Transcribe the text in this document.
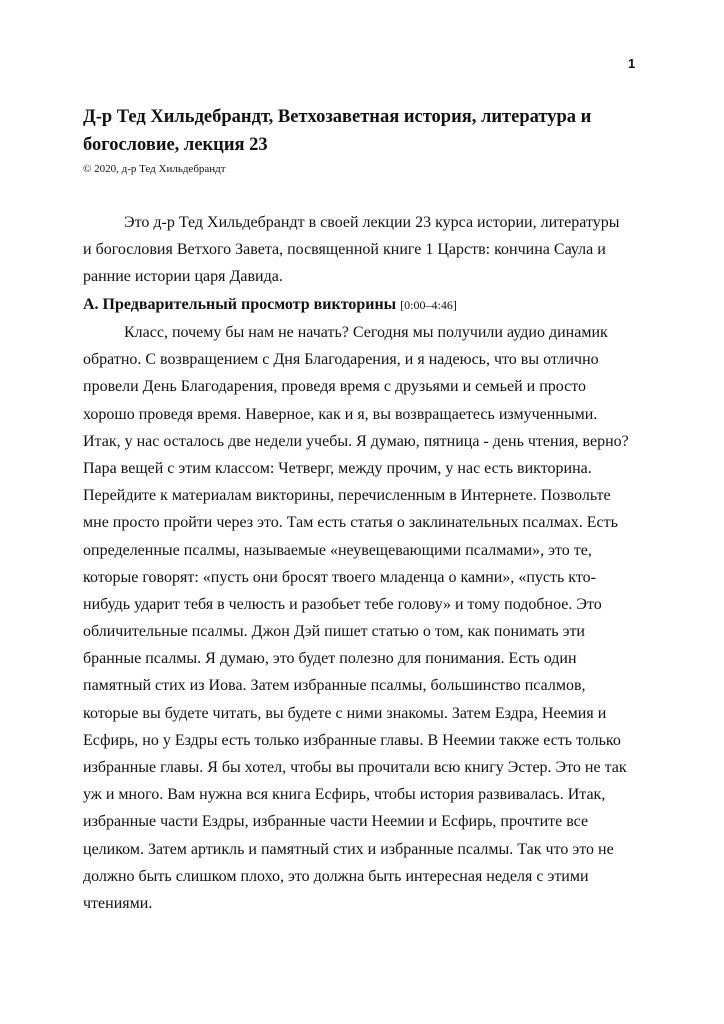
1
Д-р Тед Хильдебрандт, Ветхозаветная история, литература и
богословие, лекция 23
© 2020, д-р Тед Хильдебрандт
Это д-р Тед Хильдебрандт в своей лекции 23 курса истории, литературы
и богословия Ветхого Завета, посвященной книге 1 Царств: кончина Саула и
ранние истории царя Давида.
A. Предварительный просмотр викторины [0:00–4:46]
Класс, почему бы нам не начать? Сегодня мы получили аудио динамик
обратно. С возвращением с Дня Благодарения, и я надеюсь, что вы отлично
провели День Благодарения, проведя время с друзьями и семьей и просто
хорошо проведя время. Наверное, как и я, вы возвращаетесь измученными.
Итак, у нас осталось две недели учебы. Я думаю, пятница - день чтения, верно?
Пара вещей с этим классом: Четверг, между прочим, у нас есть викторина.
Перейдите к материалам викторины, перечисленным в Интернете. Позвольте
мне просто пройти через это. Там есть статья о заклинательных псалмах. Есть
определенные псалмы, называемые «неувещевающими псалмами», это те,
которые говорят: «пусть они бросят твоего младенца о камни», «пусть кто-
нибудь ударит тебя в челюсть и разобьет тебе голову» и тому подобное. Это
обличительные псалмы. Джон Дэй пишет статью о том, как понимать эти
бранные псалмы. Я думаю, это будет полезно для понимания. Есть один
памятный стих из Иова. Затем избранные псалмы, большинство псалмов,
которые вы будете читать, вы будете с ними знакомы. Затем Ездра, Неемия и
Есфирь, но у Ездры есть только избранные главы. В Неемии также есть только
избранные главы. Я бы хотел, чтобы вы прочитали всю книгу Эстер. Это не так
уж и много. Вам нужна вся книга Есфирь, чтобы история развивалась. Итак,
избранные части Ездры, избранные части Неемии и Есфирь, прочтите все
целиком. Затем артикль и памятный стих и избранные псалмы. Так что это не
должно быть слишком плохо, это должна быть интересная неделя с этими
чтениями.
